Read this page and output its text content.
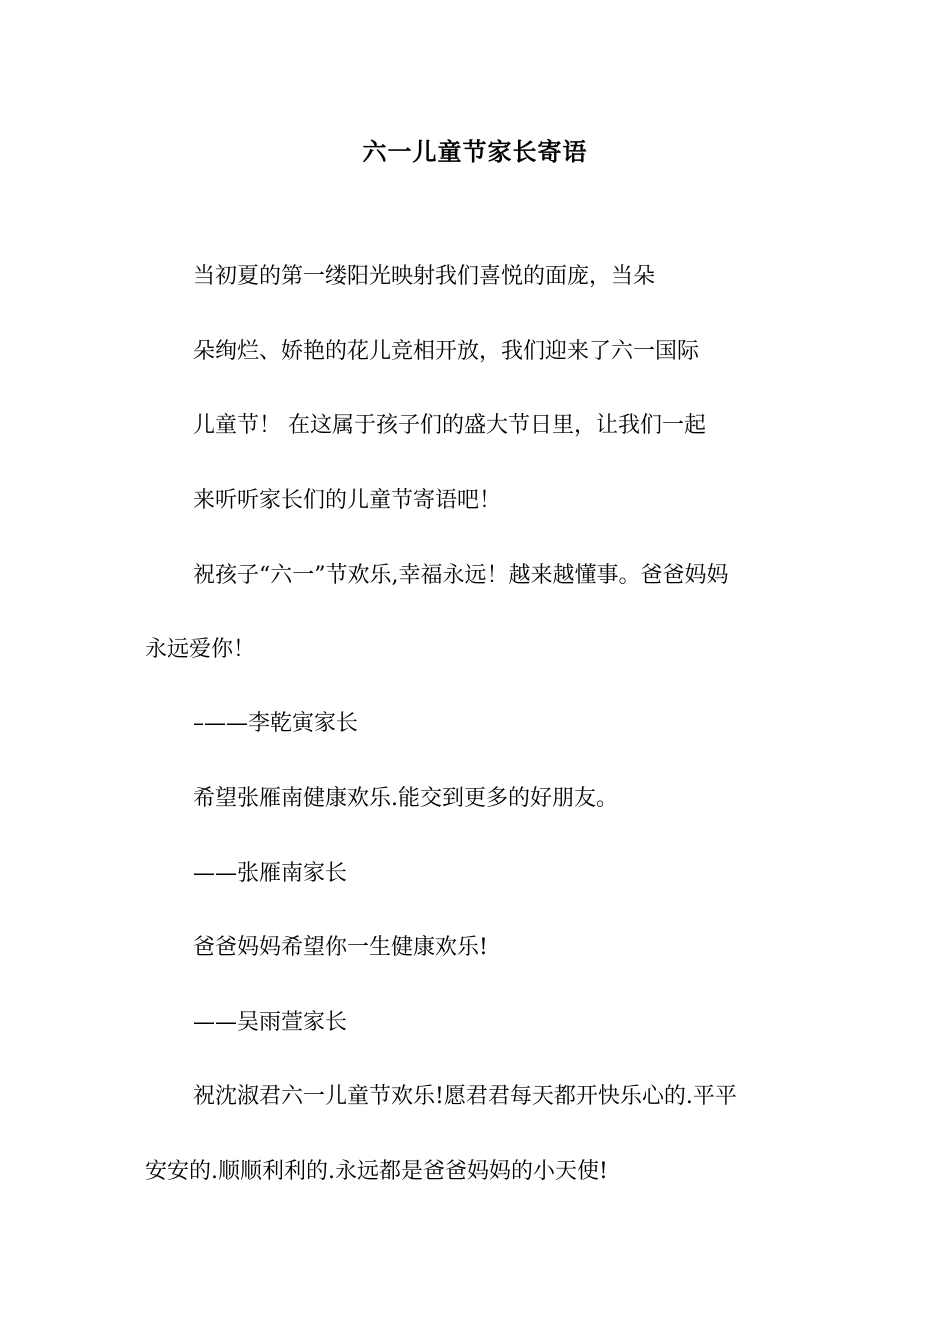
六一儿童节家长寄语
当初夏的第一缕阳光映射我们喜悦的面庞，当朵
朵绚烂、娇艳的花儿竞相开放，我们迎来了六一国际
儿童节！ 在这属于孩子们的盛大节日里，让我们一起
来听听家长们的儿童节寄语吧！
祝孩子“六一”节欢乐,幸福永远！越来越懂事。爸爸妈妈
永远爱你！
–——李乾寅家长
希望张雁南健康欢乐.能交到更多的好朋友。
——张雁南家长
爸爸妈妈希望你一生健康欢乐!
——吴雨萱家长
祝沈淑君六一儿童节欢乐!愿君君每天都开快乐心的.平平
安安的.顺顺利利的.永远都是爸爸妈妈的小天使!
